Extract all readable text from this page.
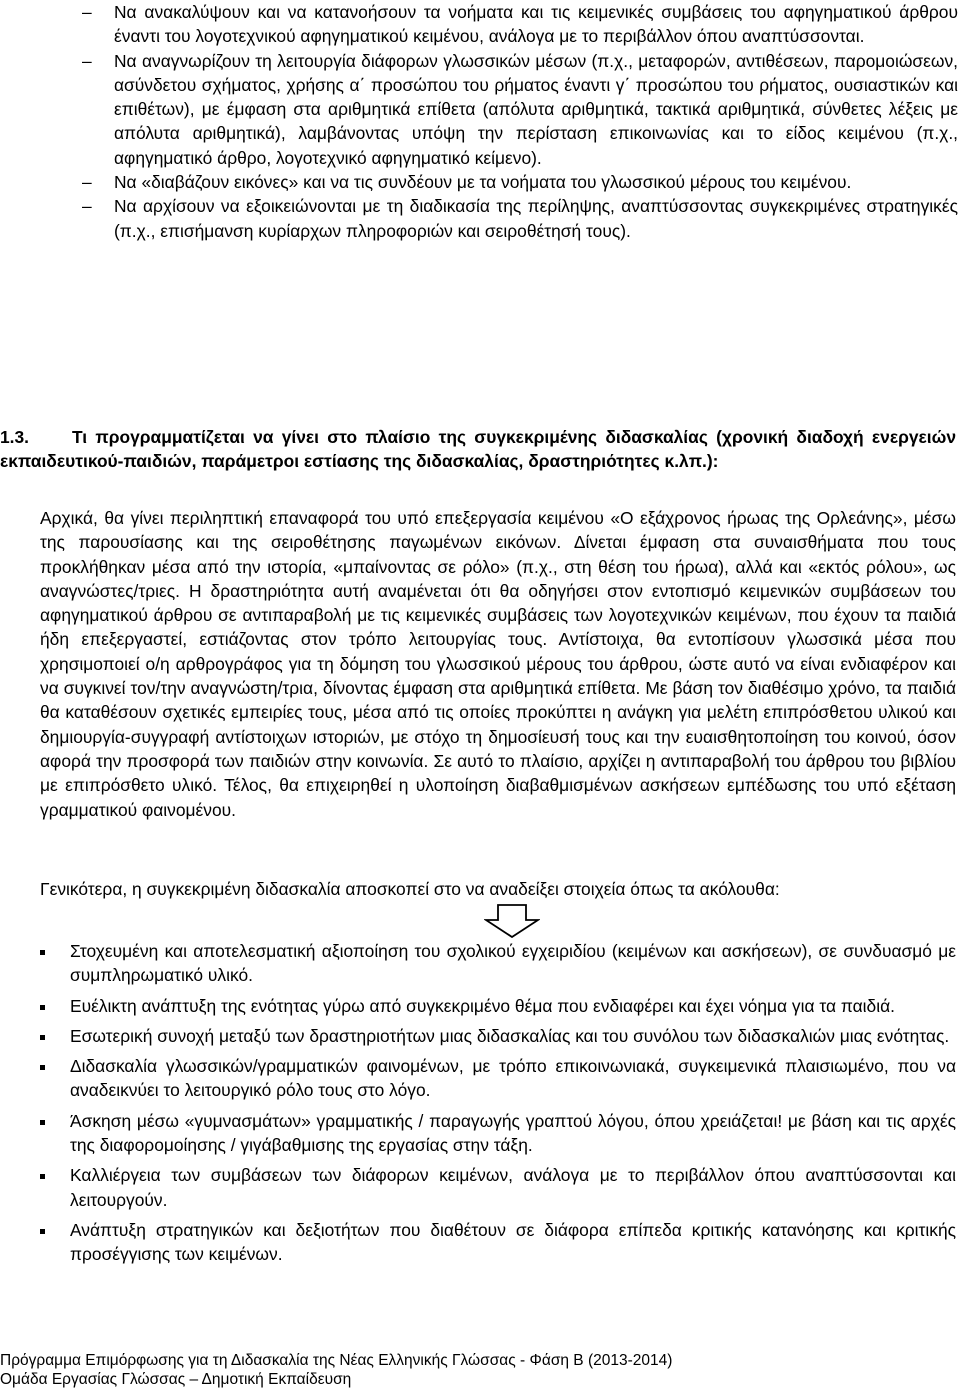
– Να ανακαλύψουν και να κατανοήσουν τα νοήματα και τις κειμενικές συμβάσεις του αφηγηματικού άρθρου έναντι του λογοτεχνικού αφηγηματικού κειμένου, ανάλογα με το περιβάλλον όπου αναπτύσσονται.
– Να αναγνωρίζουν τη λειτουργία διάφορων γλωσσικών μέσων (π.χ., μεταφορών, αντιθέσεων, παρομοιώσεων, ασύνδετου σχήματος, χρήσης α΄ προσώπου του ρήματος έναντι γ΄ προσώπου του ρήματος, ουσιαστικών και επιθέτων), με έμφαση στα αριθμητικά επίθετα (απόλυτα αριθμητικά, τακτικά αριθμητικά, σύνθετες λέξεις με απόλυτα αριθμητικά), λαμβάνοντας υπόψη την περίσταση επικοινωνίας και το είδος κειμένου (π.χ., αφηγηματικό άρθρο, λογοτεχνικό αφηγηματικό κείμενο).
– Να «διαβάζουν εικόνες» και να τις συνδέουν με τα νοήματα του γλωσσικού μέρους του κειμένου.
– Να αρχίσουν να εξοικειώνονται με τη διαδικασία της περίληψης, αναπτύσσοντας συγκεκριμένες στρατηγικές (π.χ., επισήμανση κυρίαρχων πληροφοριών και σειροθέτησή τους).
1.3. Τι προγραμματίζεται να γίνει στο πλαίσιο της συγκεκριμένης διδασκαλίας (χρονική διαδοχή ενεργειών εκπαιδευτικού-παιδιών, παράμετροι εστίασης της διδασκαλίας, δραστηριότητες κ.λπ.):

Αρχικά, θα γίνει περιληπτική επαναφορά του υπό επεξεργασία κειμένου «Ο εξάχρονος ήρωας της Ορλεάνης», μέσω της παρουσίασης και της σειροθέτησης παγωμένων εικόνων. Δίνεται έμφαση στα συναισθήματα που τους προκλήθηκαν μέσα από την ιστορία, «μπαίνοντας σε ρόλο» (π.χ., στη θέση του ήρωα), αλλά και «εκτός ρόλου», ως αναγνώστες/τριες. Η δραστηριότητα αυτή αναμένεται ότι θα οδηγήσει στον εντοπισμό κειμενικών συμβάσεων του αφηγηματικού άρθρου σε αντιπαραβολή με τις κειμενικές συμβάσεις των λογοτεχνικών κειμένων, που έχουν τα παιδιά ήδη επεξεργαστεί, εστιάζοντας στον τρόπο λειτουργίας τους. Αντίστοιχα, θα εντοπίσουν γλωσσικά μέσα που χρησιμοποιεί ο/η αρθρογράφος για τη δόμηση του γλωσσικού μέρους του άρθρου, ώστε αυτό να είναι ενδιαφέρον και να συγκινεί τον/την αναγνώστη/τρια, δίνοντας έμφαση στα αριθμητικά επίθετα. Με βάση τον διαθέσιμο χρόνο, τα παιδιά θα καταθέσουν σχετικές εμπειρίες τους, μέσα από τις οποίες προκύπτει η ανάγκη για μελέτη επιπρόσθετου υλικού και δημιουργία-συγγραφή αντίστοιχων ιστοριών, με στόχο τη δημοσίευσή τους και την ευαισθητοποίηση του κοινού, όσον αφορά την προσφορά των παιδιών στην κοινωνία. Σε αυτό το πλαίσιο, αρχίζει η αντιπαραβολή του άρθρου του βιβλίου με επιπρόσθετο υλικό. Τέλος, θα επιχειρηθεί η υλοποίηση διαβαθμισμένων ασκήσεων εμπέδωσης του υπό εξέταση γραμματικού φαινομένου.

Γενικότερα, η συγκεκριμένη διδασκαλία αποσκοπεί στο να αναδείξει στοιχεία όπως τα ακόλουθα:

Στοχευμένη και αποτελεσματική αξιοποίηση του σχολικού εγχειριδίου (κειμένων και ασκήσεων), σε συνδυασμό με συμπληρωματικό υλικό.
Ευέλικτη ανάπτυξη της ενότητας γύρω από συγκεκριμένο θέμα που ενδιαφέρει και έχει νόημα για τα παιδιά.
Εσωτερική συνοχή μεταξύ των δραστηριοτήτων μιας διδασκαλίας και του συνόλου των διδασκαλιών μιας ενότητας.
Διδασκαλία γλωσσικών/γραμματικών φαινομένων, με τρόπο επικοινωνιακά, συγκειμενικά πλαισιωμένο, που να αναδεικνύει το λειτουργικό ρόλο τους στο λόγο.
Άσκηση μέσω «γυμνασμάτων» γραμματικής / παραγωγής γραπτού λόγου, όπου χρειάζεται! με βάση και τις αρχές της διαφορομοίησης / γιγάβαθμισης της εργασίας στην τάξη.
Καλλιέργεια των συμβάσεων των διάφορων κειμένων, ανάλογα με το περιβάλλον όπου αναπτύσσονται και λειτουργούν.
Ανάπτυξη στρατηγικών και δεξιοτήτων που διαθέτουν σε διάφορα επίπεδα κριτικής κατανόησης και κριτικής προσέγγισης των κειμένων.
Πρόγραμμα Επιμόρφωσης για τη Διδασκαλία της Νέας Ελληνικής Γλώσσας - Φάση Β (2013-2014)
Ομάδα Εργασίας Γλώσσας – Δημοτική Εκπαίδευση
